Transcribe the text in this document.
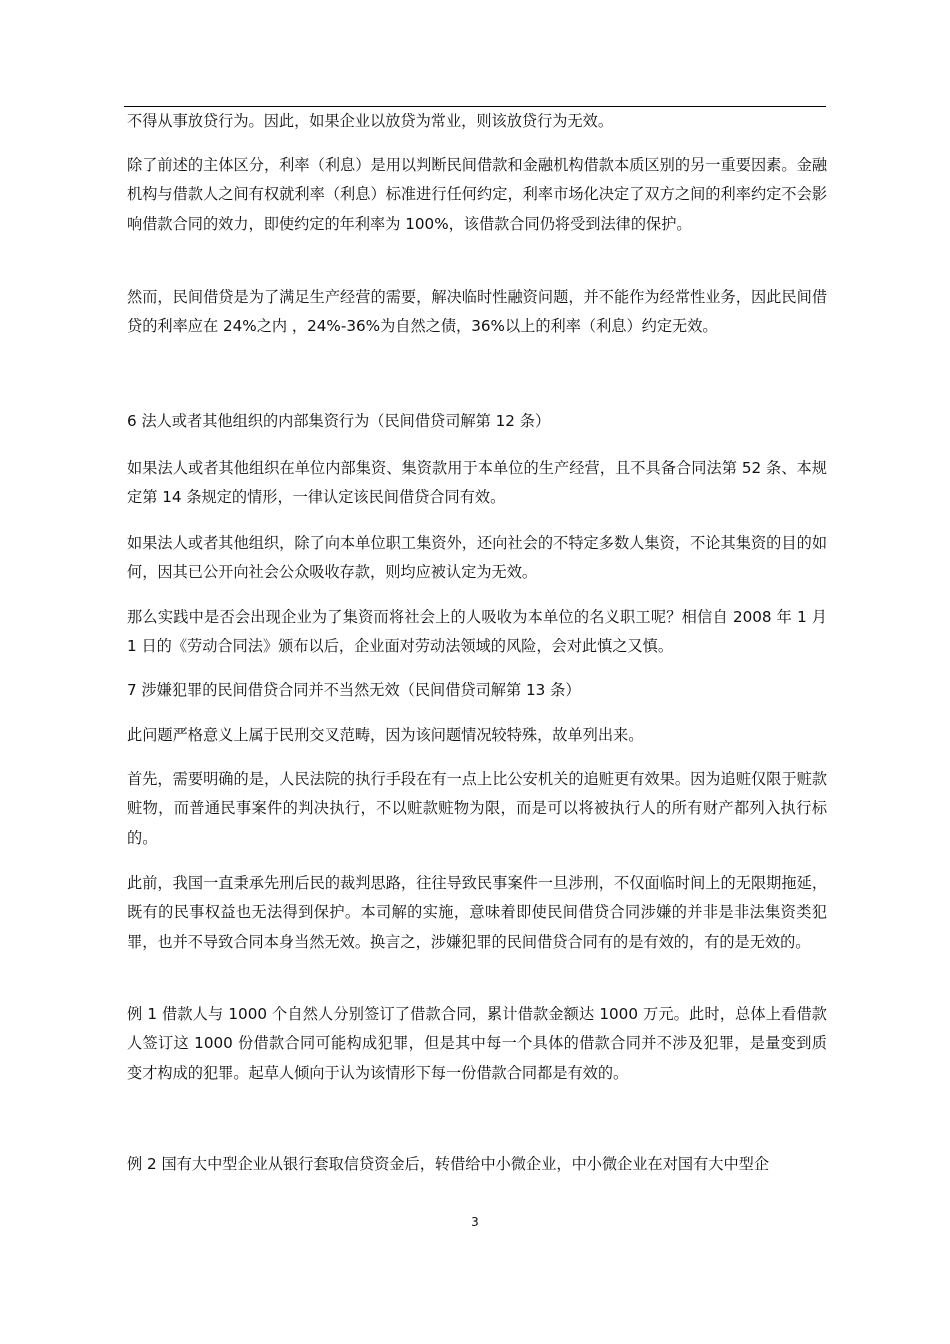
不得从事放贷行为。因此，如果企业以放贷为常业，则该放贷行为无效。

除了前述的主体区分，利率（利息）是用以判断民间借款和金融机构借款本质区别的另一重要因素。金融机构与借款人之间有权就利率（利息）标准进行任何约定，利率市场化决定了双方之间的利率约定不会影响借款合同的效力，即使约定的年利率为 100%，该借款合同仍将受到法律的保护。

然而，民间借贷是为了满足生产经营的需要，解决临时性融资问题，并不能作为经常性业务，因此民间借贷的利率应在 24%之内 ，24%-36%为自然之债，36%以上的利率（利息）约定无效。

6 法人或者其他组织的内部集资行为（民间借贷司解第 12 条）

如果法人或者其他组织在单位内部集资、集资款用于本单位的生产经营，且不具备合同法第 52 条、本规定第 14 条规定的情形，一律认定该民间借贷合同有效。

如果法人或者其他组织，除了向本单位职工集资外，还向社会的不特定多数人集资，不论其集资的目的如何，因其已公开向社会公众吸收存款，则均应被认定为无效。

那么实践中是否会出现企业为了集资而将社会上的人吸收为本单位的名义职工呢？相信自 2008 年 1 月 1 日的《劳动合同法》颁布以后，企业面对劳动法领域的风险，会对此慎之又慎。

7 涉嫌犯罪的民间借贷合同并不当然无效（民间借贷司解第 13 条）

此问题严格意义上属于民刑交叉范畴，因为该问题情况较特殊，故单列出来。

首先，需要明确的是，人民法院的执行手段在有一点上比公安机关的追赃更有效果。因为追赃仅限于赃款赃物，而普通民事案件的判决执行，不以赃款赃物为限，而是可以将被执行人的所有财产都列入执行标的。

此前，我国一直秉承先刑后民的裁判思路，往往导致民事案件一旦涉刑，不仅面临时间上的无限期拖延，既有的民事权益也无法得到保护。本司解的实施，意味着即使民间借贷合同涉嫌的并非是非法集资类犯罪，也并不导致合同本身当然无效。换言之，涉嫌犯罪的民间借贷合同有的是有效的，有的是无效的。

例 1 借款人与 1000 个自然人分别签订了借款合同，累计借款金额达 1000 万元。此时，总体上看借款人签订这 1000 份借款合同可能构成犯罪，但是其中每一个具体的借款合同并不涉及犯罪，是量变到质变才构成的犯罪。起草人倾向于认为该情形下每一份借款合同都是有效的。

例 2 国有大中型企业从银行套取信贷资金后，转借给中小微企业，中小微企业在对国有大中型企

3
